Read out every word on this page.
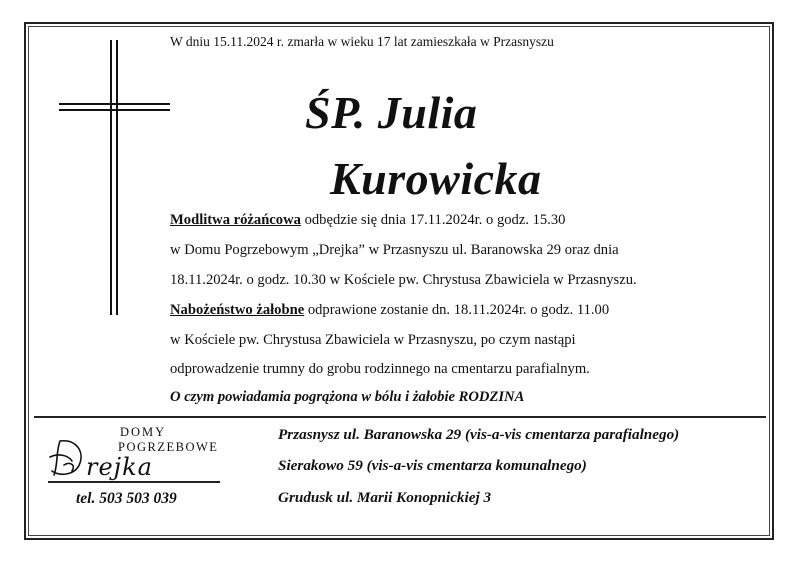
W dniu 15.11.2024 r. zmarła w wieku 17 lat zamieszkała w Przasnyszu
ŚP. Julia
Kurowicka
Modlitwa różańcowa odbędzie się dnia 17.11.2024r. o godz. 15.30
w Domu Pogrzebowym „Drejka” w Przasnyszu ul. Baranowska 29 oraz dnia
18.11.2024r. o godz. 10.30 w Kościele pw. Chrystusa Zbawiciela w Przasnyszu.
Nabożeństwo żałobne odprawione zostanie dn. 18.11.2024r. o godz. 11.00
w Kościele pw. Chrystusa Zbawiciela w Przasnyszu, po czym nastąpi
odprowadzenie trumny do grobu rodzinnego na cmentarzu parafialnym.
O czym powiadamia pogrążona w bólu i żałobie RODZINA
DOMY
POGRZEBOWE
rejka
tel. 503 503 039
Przasnysz ul. Baranowska 29 (vis-a-vis cmentarza parafialnego)
Sierakowo 59 (vis-a-vis cmentarza komunalnego)
Grudusk ul. Marii Konopnickiej 3
